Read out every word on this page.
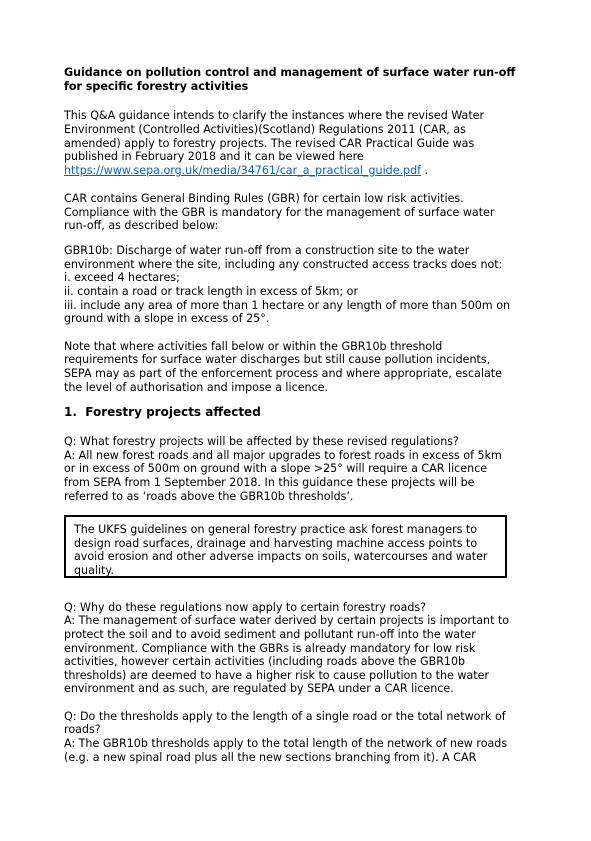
Guidance on pollution control and management of surface water run-off
for specific forestry activities
This Q&A guidance intends to clarify the instances where the revised Water
Environment (Controlled Activities)(Scotland) Regulations 2011 (CAR, as
amended) apply to forestry projects. The revised CAR Practical Guide was
published in February 2018 and it can be viewed here
https://www.sepa.org.uk/media/34761/car_a_practical_guide.pdf .
CAR contains General Binding Rules (GBR) for certain low risk activities.
Compliance with the GBR is mandatory for the management of surface water
run-off, as described below:
GBR10b: Discharge of water run-off from a construction site to the water
environment where the site, including any constructed access tracks does not:
i. exceed 4 hectares;
ii. contain a road or track length in excess of 5km; or
iii. include any area of more than 1 hectare or any length of more than 500m on
ground with a slope in excess of 25°.
Note that where activities fall below or within the GBR10b threshold
requirements for surface water discharges but still cause pollution incidents,
SEPA may as part of the enforcement process and where appropriate, escalate
the level of authorisation and impose a licence.
1.  Forestry projects affected
Q: What forestry projects will be affected by these revised regulations?
A: All new forest roads and all major upgrades to forest roads in excess of 5km
or in excess of 500m on ground with a slope >25° will require a CAR licence
from SEPA from 1 September 2018. In this guidance these projects will be
referred to as ‘roads above the GBR10b thresholds’.
The UKFS guidelines on general forestry practice ask forest managers to
design road surfaces, drainage and harvesting machine access points to
avoid erosion and other adverse impacts on soils, watercourses and water
quality.
Q: Why do these regulations now apply to certain forestry roads?
A: The management of surface water derived by certain projects is important to
protect the soil and to avoid sediment and pollutant run-off into the water
environment. Compliance with the GBRs is already mandatory for low risk
activities, however certain activities (including roads above the GBR10b
thresholds) are deemed to have a higher risk to cause pollution to the water
environment and as such, are regulated by SEPA under a CAR licence.
Q: Do the thresholds apply to the length of a single road or the total network of
roads?
A: The GBR10b thresholds apply to the total length of the network of new roads
(e.g. a new spinal road plus all the new sections branching from it). A CAR
